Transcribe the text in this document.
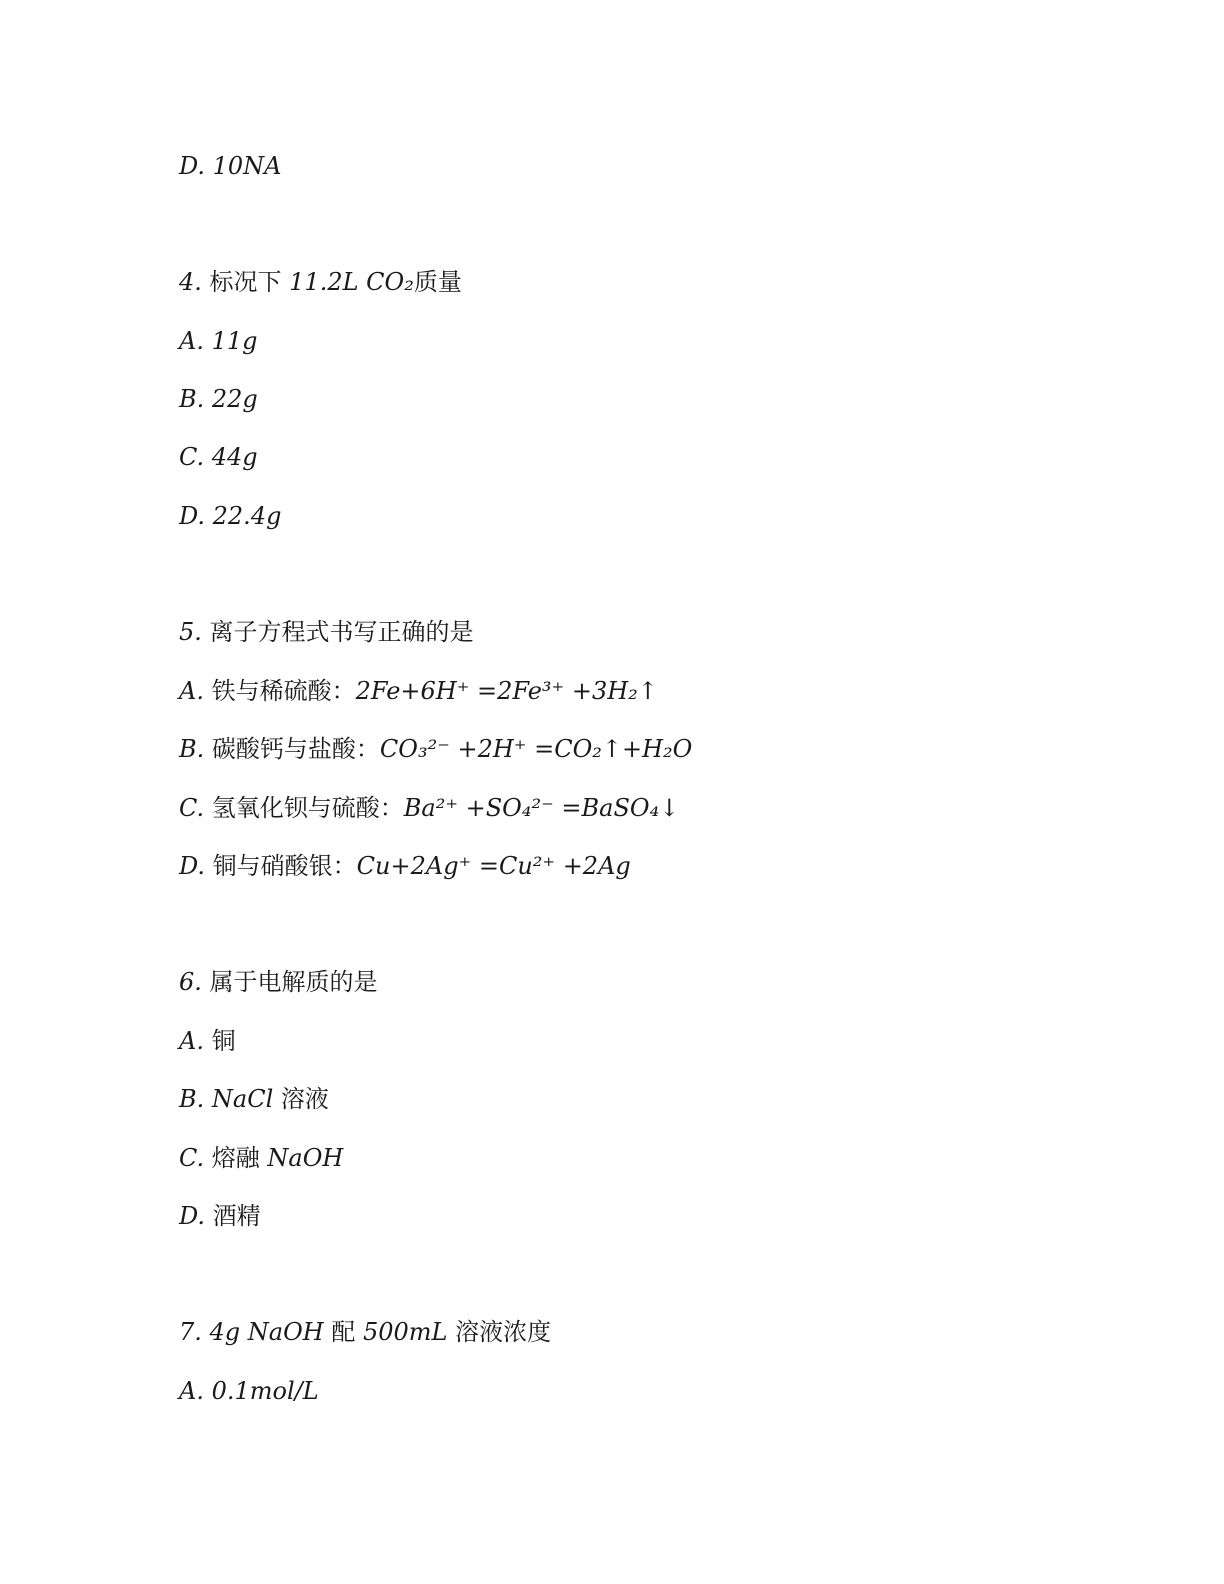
D. 10NA
4. 标况下 11.2L CO₂质量
A. 11g
B. 22g
C. 44g
D. 22.4g
5. 离子方程式书写正确的是
A. 铁与稀硫酸：2Fe+6H⁺ =2Fe³⁺ +3H₂↑
B. 碳酸钙与盐酸：CO₃²⁻ +2H⁺ =CO₂↑+H₂O
C. 氢氧化钡与硫酸：Ba²⁺ +SO₄²⁻ =BaSO₄↓
D. 铜与硝酸银：Cu+2Ag⁺ =Cu²⁺ +2Ag
6. 属于电解质的是
A. 铜
B. NaCl 溶液
C. 熔融 NaOH
D. 酒精
7. 4g NaOH 配 500mL 溶液浓度
A. 0.1mol/L
